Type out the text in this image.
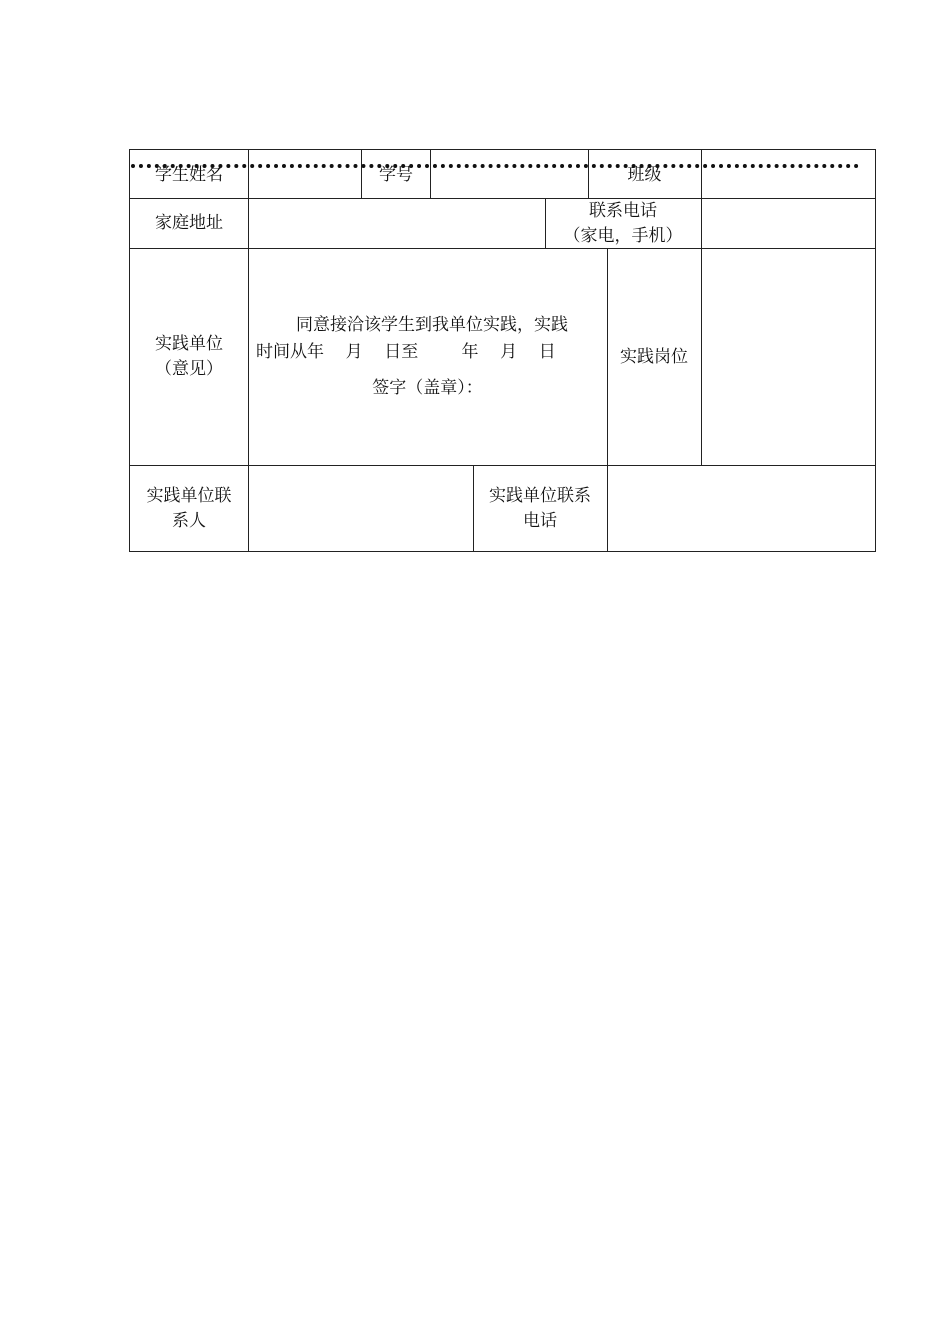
学生姓名	学号	班级
家庭地址
联系电话
（家电，手机）
实践单位
（意见）
同意接洽该学生到我单位实践，实践
时间从年    月    日至        年    月    日
签字（盖章）：
实践岗位
实践单位联
系人
实践单位联系
电话
